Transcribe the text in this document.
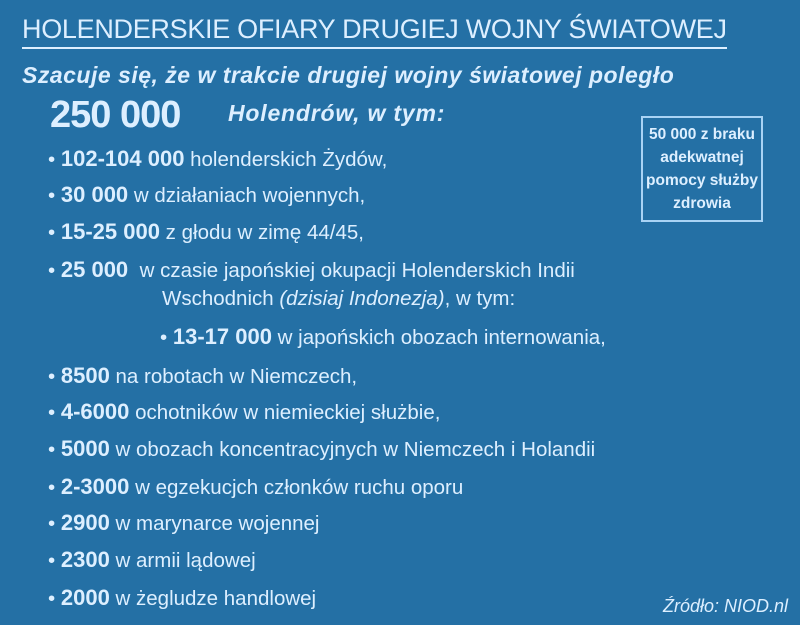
HOLENDERSKIE OFIARY DRUGIEJ WOJNY ŚWIATOWEJ
Szacuje się, że w trakcie drugiej wojny światowej poległo
250 000 Holendrów, w tym:
• 102-104 000 holenderskich Żydów,
• 30 000 w działaniach wojennych,
• 15-25 000 z głodu w zimę 44/45,
• 25 000  w czasie japońskiej okupacji Holenderskich Indii
Wschodnich (dzisiaj Indonezja), w tym:
• 13-17 000 w japońskich obozach internowania,
• 8500 na robotach w Niemczech,
• 4-6000 ochotników w niemieckiej służbie,
• 5000 w obozach koncentracyjnych w Niemczech i Holandii
• 2-3000 w egzekucjch członków ruchu oporu
• 2900 w marynarce wojennej
• 2300 w armii lądowej
• 2000 w żegludze handlowej
50 000 z braku
adekwatnej
pomocy służby
zdrowia
Źródło: NIOD.nl
